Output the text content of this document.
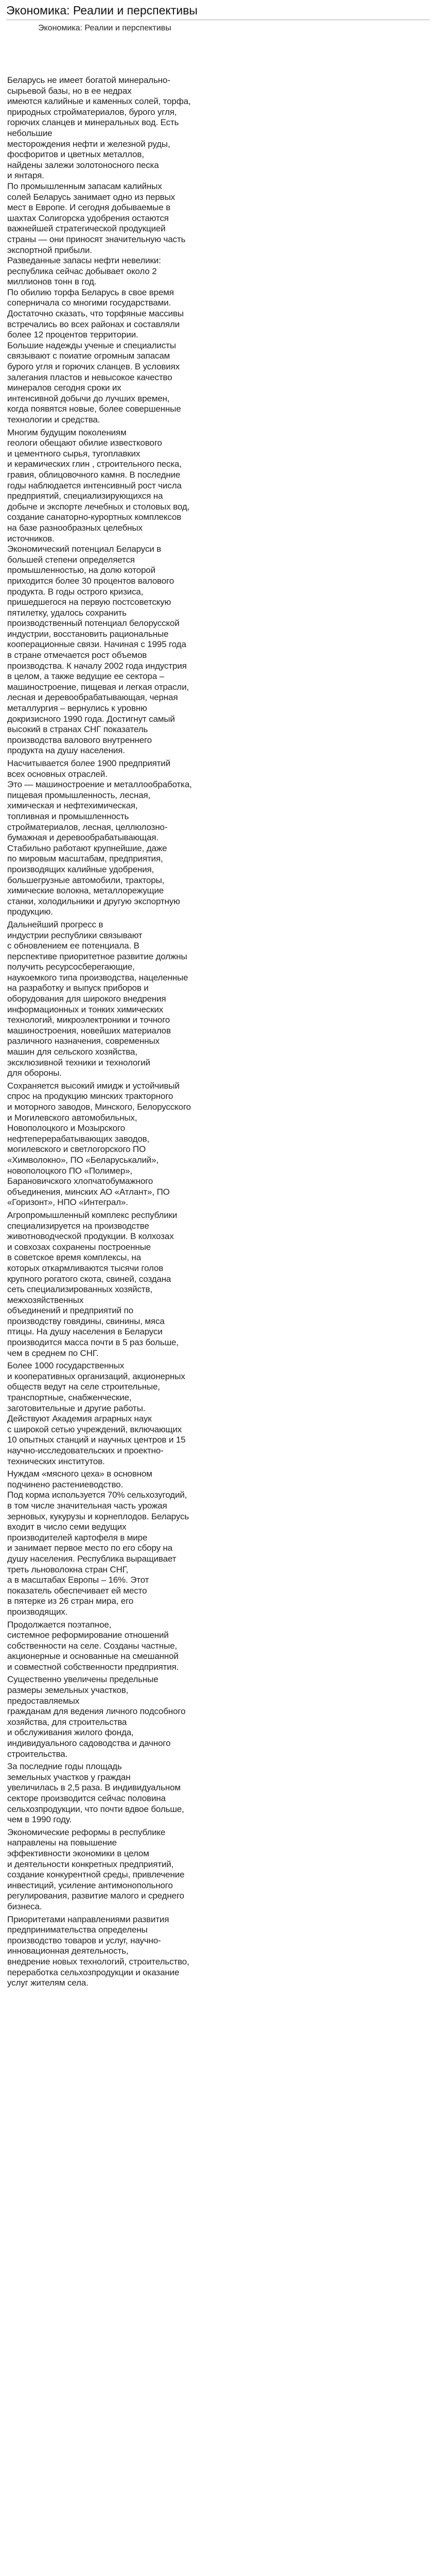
Экономика: Реалии и перспективы
Экономика: Реалии и перспективы

Беларусь не имеет богатой минерально-
сырьевой базы, но в ее недрах
имеются калийные и каменных солей, торфа,
природных стройматериалов, бурого угля,
горючих сланцев и минеральных вод. Есть
небольшие
месторождения нефти и железной руды,
фосфоритов и цветных металлов,
найдены залежи золотоносного песка
и янтаря.
По промышленным запасам калийных
солей Беларусь занимает одно из первых
мест в Европе. И сегодня добываемые в
шахтах Солигорска удобрения остаются
важнейшей стратегической продукцией
страны — они приносят значительную часть
экспортной прибыли.
Разведанные запасы нефти невелики:
республика сейчас добывает около 2
миллионов тонн в год.
По обилию торфа Беларусь в свое время
соперничала со многими государствами.
Достаточно сказать, что торфяные массивы
встречались во всех районах и составляли
более 12 процентов территории.
Большие надежды ученые и специалисты
связывают с поиатие огромным запасам
бурого угля и горючих сланцев. В условиях
залегания пластов и невысокое качество
минералов сегодня сроки их
интенсивной добычи до лучших времен,
когда появятся новые, более совершенные
технологии и средства.

Многим будущим поколениям
геологи обещают обилие известкового
и цементного сырья, тугоплавких
и керамических глин , строительного песка,
гравия, облицовочного камня. В последние
годы наблюдается интенсивный рост числа
предприятий, специализирующихся на
добыче и экспорте лечебных и столовых вод,
создание санаторно-курортных комплексов
на базе разнообразных целебных
источников.
Экономический потенциал Беларуси в
большей степени определяется
промышленностью, на долю которой
приходится более 30 процентов валового
продукта. В годы острого кризиса,
пришедшегося на первую постсоветскую
пятилетку, удалось сохранить
производственный потенциал белорусской
индустрии, восстановить рациональные
кооперационные связи. Начиная с 1995 года
в стране отмечается рост объемов
производства. К началу 2002 года индустрия
в целом, а также ведущие ее сектора –
машиностроение, пищевая и легкая отрасли,
лесная и деревообрабатывающая, черная
металлургия – вернулись к уровню
докризисного 1990 года. Достигнут самый
высокий в странах СНГ показатель
производства валового внутреннего
продукта на душу населения.

Насчитывается более 1900 предприятий
всех основных отраслей.
Это — машиностроение и металлообработка,
пищевая промышленность, лесная,
химическая и нефтехимическая,
топливная и промышленность
стройматериалов, лесная, целлюлозно-
бумажная и деревообрабатывающая.
Стабильно работают крупнейшие, даже
по мировым масштабам, предприятия,
производящих калийные удобрения,
большегрузные автомобили, тракторы,
химические волокна, металлорежущие
станки, холодильники и другую экспортную
продукцию.

Дальнейший прогресс в
индустрии республики связывают
с обновлением ее потенциала. В
перспективе приоритетное развитие должны
получить ресурсосберегающие,
наукоемкого типа производства, нацеленные
на разработку и выпуск приборов и
оборудования для широкого внедрения
информационных и тонких химических
технологий, микроэлектроники и точного
машиностроения, новейших материалов
различного назначения, современных
машин для сельского хозяйства,
эксклюзивной техники и технологий
для обороны.

Сохраняется высокий имидж и устойчивый
спрос на продукцию минских тракторного
и моторного заводов, Минского, Белорусского
и Могилевского автомобильных,
Новополоцкого и Мозырского
нефтеперерабатывающих заводов,
могилевского и светлогорского ПО
«Химволокно», ПО «Беларуськалий»,
новополоцкого ПО «Полимер»,
Барановичского хлопчатобумажного
объединения, минских АО «Атлант», ПО
«Горизонт», НПО «Интеграл».

Агропромышленный комплекс республики
специализируется на производстве
животноводческой продукции. В колхозах
и совхозах сохранены построенные
в советское время комплексы, на
которых откармливаются тысячи голов
крупного рогатого скота, свиней, создана
сеть специализированных хозяйств,
межхозяйственных
объединений и предприятий по
производству говядины, свинины, мяса
птицы. На душу населения в Беларуси
производится масса почти в 5 раз больше,
чем в среднем по СНГ.

Более 1000 государственных
и кооперативных организаций, акционерных
обществ ведут на селе строительные,
транспортные, снабженческие,
заготовительные и другие работы.
Действуют Академия аграрных наук
с широкой сетью учреждений, включающих
10 опытных станций и научных центров и 15
научно-исследовательских и проектно-
технических институтов.

Нуждам «мясного цеха» в основном
подчинено растениеводство.
Под корма используется 70% сельхозугодий,
в том числе значительная часть урожая
зерновых, кукурузы и корнеплодов. Беларусь
входит в число семи ведущих
производителей картофеля в мире
и занимает первое место по его сбору на
душу населения. Республика выращивает
треть льноволокна стран СНГ,
а в масштабах Европы – 16%. Этот
показатель обеспечивает ей место
в пятерке из 26 стран мира, его
производящих.

Продолжается поэтапное,
системное реформирование отношений
собственности на селе. Созданы частные,
акционерные и основанные на смешанной
и совместной собственности предприятия.

Существенно увеличены предельные
размеры земельных участков,
предоставляемых
гражданам для ведения личного подсобного
хозяйства, для строительства
и обслуживания жилого фонда,
индивидуального садоводства и дачного
строительства.

За последние годы площадь
земельных участков у граждан
увеличилась в 2,5 раза. В индивидуальном
секторе производится сейчас половина
сельхозпродукции, что почти вдвое больше,
чем в 1990 году.

Экономические реформы в республике
направлены на повышение
эффективности экономики в целом
и деятельности конкретных предприятий,
создание конкурентной среды, привлечение
инвестиций, усиление антимонопольного
регулирования, развитие малого и среднего
бизнеса.

Приоритетами направлениями развития
предпринимательства определены
производство товаров и услуг, научно-
инновационная деятельность,
внедрение новых технологий, строительство,
переработка сельхозпродукции и оказание
услуг жителям села.
